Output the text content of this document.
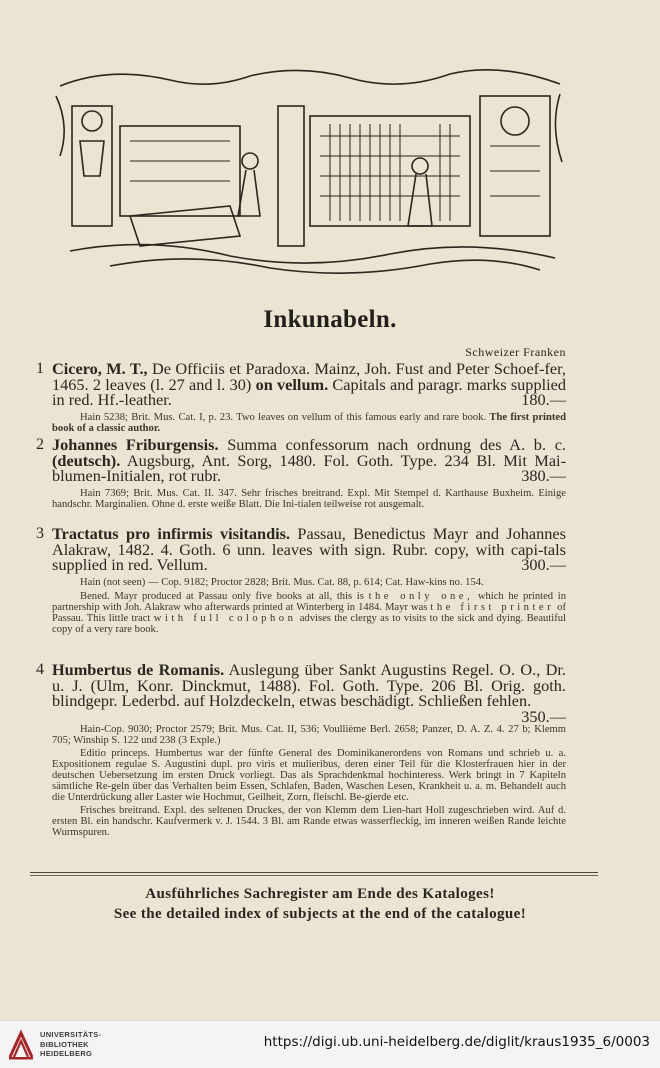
Inkunabeln.
Schweizer Franken
1 Cicero, M. T., De Officiis et Paradoxa. Mainz, Joh. Fust and Peter Schoef-fer, 1465. 2 leaves (l. 27 and l. 30) on vellum. Capitals and paragr. marks supplied in red. Hf.-leather.	180.—
Hain 5238; Brit. Mus. Cat. I, p. 23. Two leaves on vellum of this famous early and rare book. The first printed book of a classic author.
2 Johannes Friburgensis. Summa confessorum nach ordnung des A. b. c. (deutsch). Augsburg, Ant. Sorg, 1480. Fol. Goth. Type. 234 Bl. Mit Mai-blumen-Initialen, rot rubr.	380.—
Hain 7369; Brit. Mus. Cat. II. 347. Sehr frisches breitrand. Expl. Mit Stempel d. Karthause Buxheim. Einige handschr. Marginalien. Ohne d. erste weiße Blatt. Die Ini-tialen teilweise rot ausgemalt.
3 Tractatus pro infirmis visitandis. Passau, Benedictus Mayr and Johannes Alakraw, 1482. 4. Goth. 6 unn. leaves with sign. Rubr. copy, with capi-tals supplied in red. Vellum.	300.—
Hain (not seen) — Cop. 9182; Proctor 2828; Brit. Mus. Cat. 88, p. 614; Cat. Haw-kins no. 154.
Bened. Mayr produced at Passau only five books at all, this is the only one, which he printed in partnership with Joh. Alakraw who afterwards printed at Winterberg in 1484. Mayr was the first printer of Passau. This little tract with full colophon advises the clergy as to visits to the sick and dying. Beautiful copy of a very rare book.
4 Humbertus de Romanis. Auslegung über Sankt Augustins Regel. O. O., Dr. u. J. (Ulm, Konr. Dinckmut, 1488). Fol. Goth. Type. 206 Bl. Orig. goth. blindgepr. Lederbd. auf Holzdeckeln, etwas beschädigt. Schließen fehlen.
350.—
Hain-Cop. 9030; Proctor 2579; Brit. Mus. Cat. II, 536; Voullième Berl. 2658; Panzer, D. A. Z. 4. 27 b; Klemm 705; Winship S. 122 und 238 (3 Exple.)
Editio princeps. Humbertus war der fünfte General des Dominikanerordens von Romans und schrieb u. a. Expositionem regulae S. Augustini dupl. pro viris et mulieribus, deren einer Teil für die Klosterfrauen hier in der deutschen Uebersetzung im ersten Druck vorliegt. Das als Sprachdenkmal hochinteress. Werk bringt in 7 Kapiteln sämtliche Re-geln über das Verhalten beim Essen, Schlafen, Baden, Waschen Lesen, Krankheit u. a. m. Behandelt auch die Unterdrückung aller Laster wie Hochmut, Geilheit, Zorn, fleischl. Be-gierde etc.
Frisches breitrand. Expl. des seltenen Druckes, der von Klemm dem Lien-hart Holl zugeschrieben wird. Auf d. ersten Bl. ein handschr. Kaufvermerk v. J. 1544. 3 Bl. am Rande etwas wasserfleckig, im inneren weißen Rande leichte Wurmspuren.
Ausführliches Sachregister am Ende des Kataloges!
See the detailed index of subjects at the end of the catalogue!
UNIVERSITÄTS-
BIBLIOTHEK
HEIDELBERG
https://digi.ub.uni-heidelberg.de/diglit/kraus1935_6/0003
